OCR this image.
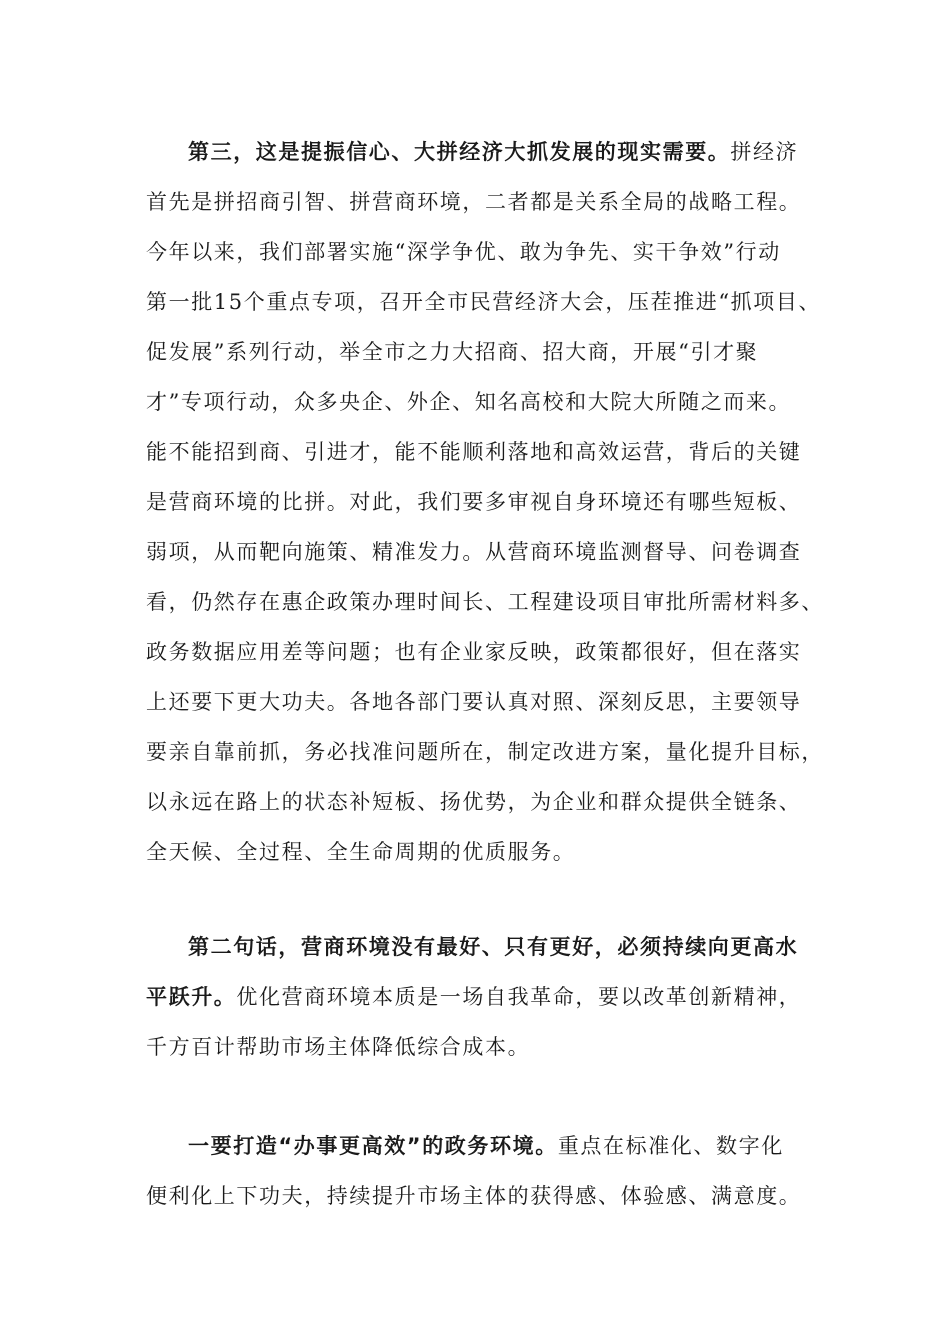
第三，这是提振信心、大拼经济大抓发展的现实需要。拼经济
首先是拼招商引智、拼营商环境，二者都是关系全局的战略工程。
今年以来，我们部署实施“深学争优、敢为争先、实干争效”行动
第一批15个重点专项，召开全市民营经济大会，压茬推进“抓项目、
促发展”系列行动，举全市之力大招商、招大商，开展“引才聚
才”专项行动，众多央企、外企、知名高校和大院大所随之而来。
能不能招到商、引进才，能不能顺利落地和高效运营，背后的关键
是营商环境的比拼。对此，我们要多审视自身环境还有哪些短板、
弱项，从而靶向施策、精准发力。从营商环境监测督导、问卷调查
看，仍然存在惠企政策办理时间长、工程建设项目审批所需材料多、
政务数据应用差等问题；也有企业家反映，政策都很好，但在落实
上还要下更大功夫。各地各部门要认真对照、深刻反思，主要领导
要亲自靠前抓，务必找准问题所在，制定改进方案，量化提升目标，
以永远在路上的状态补短板、扬优势，为企业和群众提供全链条、
全天候、全过程、全生命周期的优质服务。
第二句话，营商环境没有最好、只有更好，必须持续向更高水
平跃升。优化营商环境本质是一场自我革命，要以改革创新精神，
千方百计帮助市场主体降低综合成本。
一要打造“办事更高效”的政务环境。重点在标准化、数字化
便利化上下功夫，持续提升市场主体的获得感、体验感、满意度。
